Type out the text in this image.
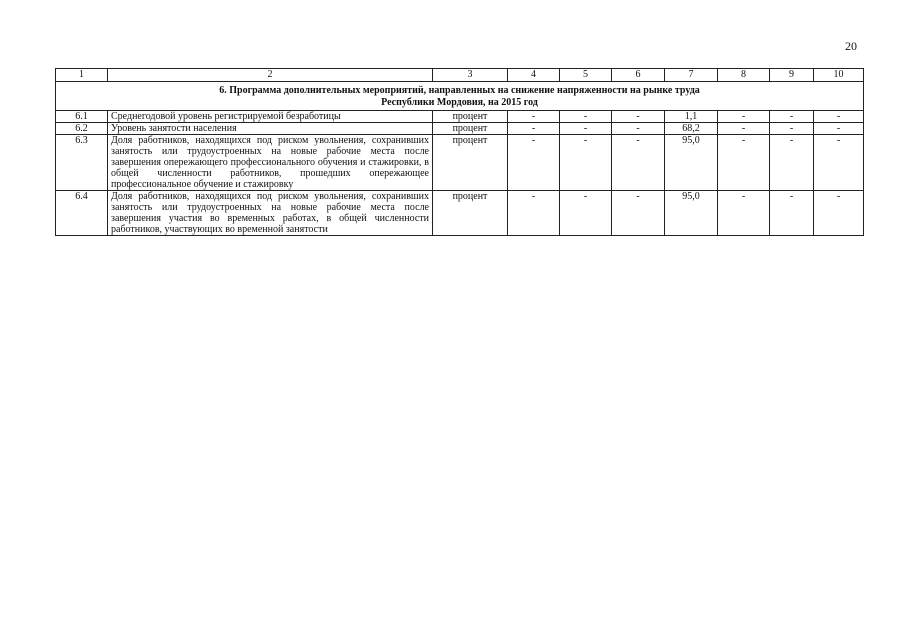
20
1	2	3	4	5	6	7	8	9	10

6. Программа дополнительных мероприятий, направленных на снижение напряженности на рынке труда
Республики Мордовия, на 2015 год									

6.1	Среднегодовой уровень регистрируемой безработицы	процент	-	-	-	1,1	-	-	-
6.2	Уровень занятости населения	процент	-	-	-	68,2	-	-	-
6.3	Доля работников, находящихся под риском увольнения, сохранивших занятость или трудоустроенных на новые рабочие места после завершения опережающего профессионального обучения и стажировки, в общей численности работников, прошедших опережающее профессиональное обучение и стажировку	процент	-	-	-	95,0	-	-	-
6.4	Доля работников, находящихся под риском увольнения, сохранивших занятость или трудоустроенных на новые рабочие места после завершения участия во временных работах, в общей численности работников, участвующих во временной занятости	процент	-	-	-	95,0	-	-	-
